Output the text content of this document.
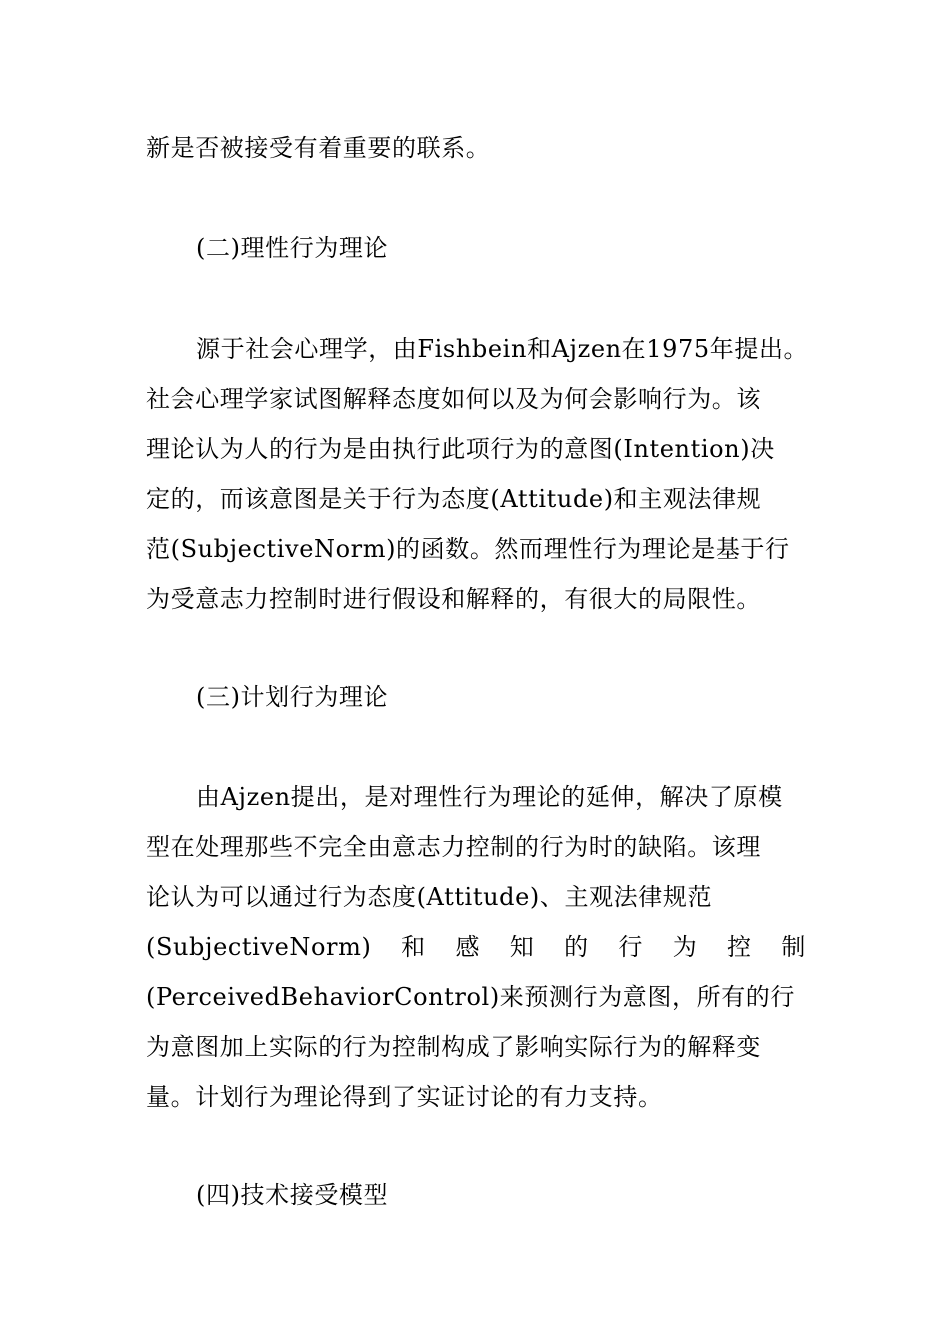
新是否被接受有着重要的联系。
(二)理性行为理论
源于社会心理学，由Fishbein和Ajzen在1975年提出。
社会心理学家试图解释态度如何以及为何会影响行为。该
理论认为人的行为是由执行此项行为的意图(Intention)决
定的，而该意图是关于行为态度(Attitude)和主观法律规
范(SubjectiveNorm)的函数。然而理性行为理论是基于行
为受意志力控制时进行假设和解释的，有很大的局限性。
(三)计划行为理论
由Ajzen提出，是对理性行为理论的延伸，解决了原模
型在处理那些不完全由意志力控制的行为时的缺陷。该理
论认为可以通过行为态度(Attitude)、主观法律规范
(SubjectiveNorm) 和 感 知 的 行 为 控 制
(PerceivedBehaviorControl)来预测行为意图，所有的行
为意图加上实际的行为控制构成了影响实际行为的解释变
量。计划行为理论得到了实证讨论的有力支持。
(四)技术接受模型
